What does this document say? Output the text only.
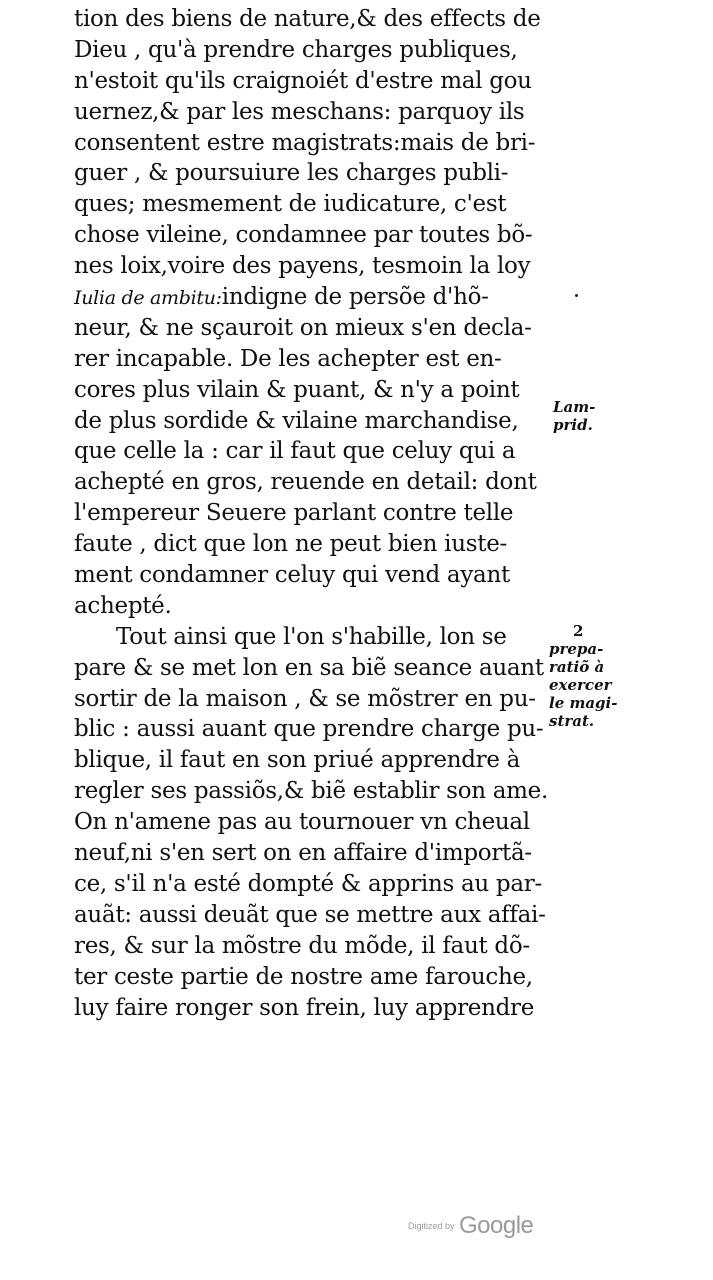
tion des biens de nature,& des effects de
Dieu , qu'à prendre charges publiques,
n'estoit qu'ils craignoiét d'estre mal gou
uernez,& par les meschans: parquoy ils
consentent estre magistrats:mais de bri-
guer , & poursuiure les charges publi-
ques; mesmement de iudicature, c'est
chose vileine, condamnee par toutes bõ-
nes loix,voire des payens, tesmoin la loy
Iulia de ambitu:indigne de persõe d'hõ-
neur, & ne sçauroit on mieux s'en decla-
rer incapable. De les achepter est en-
cores plus vilain & puant, & n'y a point
de plus sordide & vilaine marchandise,
que celle la : car il faut que celuy qui a
achepté en gros, reuende en detail: dont
l'empereur Seuere parlant contre telle
faute , dict que lon ne peut bien iuste-
ment condamner celuy qui vend ayant
achepté.
Tout ainsi que l'on s'habille, lon se
pare & se met lon en sa biẽ seance auant
sortir de la maison , & se mõstrer en pu-
blic : aussi auant que prendre charge pu-
blique, il faut en son priué apprendre à
regler ses passiõs,& biẽ establir son ame.
On n'amene pas au tournouer vn cheual
neuf,ni s'en sert on en affaire d'importã-
ce, s'il n'a esté dompté & apprins au par-
auãt: aussi deuãt que se mettre aux affai-
res, & sur la mõstre du mõde, il faut dõ-
ter ceste partie de nostre ame farouche,
luy faire ronger son frein, luy apprendre
Lam-
prid.
2
prepa-
ratiõ à
exercer
le magi-
strat.
Digitized by Google
